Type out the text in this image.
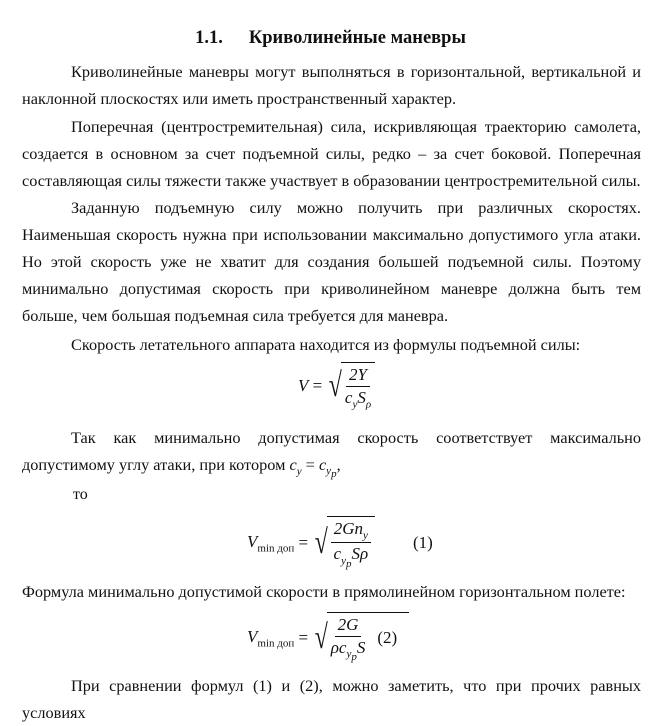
1.1. Криволинейные маневры
Криволинейные маневры могут выполняться в горизонтальной, вертикальной и наклонной плоскостях или иметь пространственный характер.
Поперечная (центростремительная) сила, искривляющая траекторию самолета, создается в основном за счет подъемной силы, редко – за счет боковой. Поперечная составляющая силы тяжести также участвует в образовании центростремительной силы.
Заданную подъемную силу можно получить при различных скоростях. Наименьшая скорость нужна при использовании максимально допустимого угла атаки. Но этой скорость уже не хватит для создания большей подъемной силы. Поэтому минимально допустимая скорость при криволинейном маневре должна быть тем больше, чем большая подъемная сила требуется для маневра.
Скорость летательного аппарата находится из формулы подъемной силы:
V
= √
$\frac{2Y}{c_yS_\rho}$
Так как минимально допустимая скорость соответствует максимально допустимому углу атаки, при котором $c_y = c_{y_p}$,
то
$V_{min доп}$
= √
$\frac{2Gn_y}{c_{y_p}S\rho} (1)$
Формула минимально допустимой скорости в прямолинейном горизонтальном полете:
$V_{min доп}$
= √
$\frac{2G}{\rho c_{y_p}S}$
(2)
При сравнении формул (1) и (2), можно заметить, что при прочих равных условиях
